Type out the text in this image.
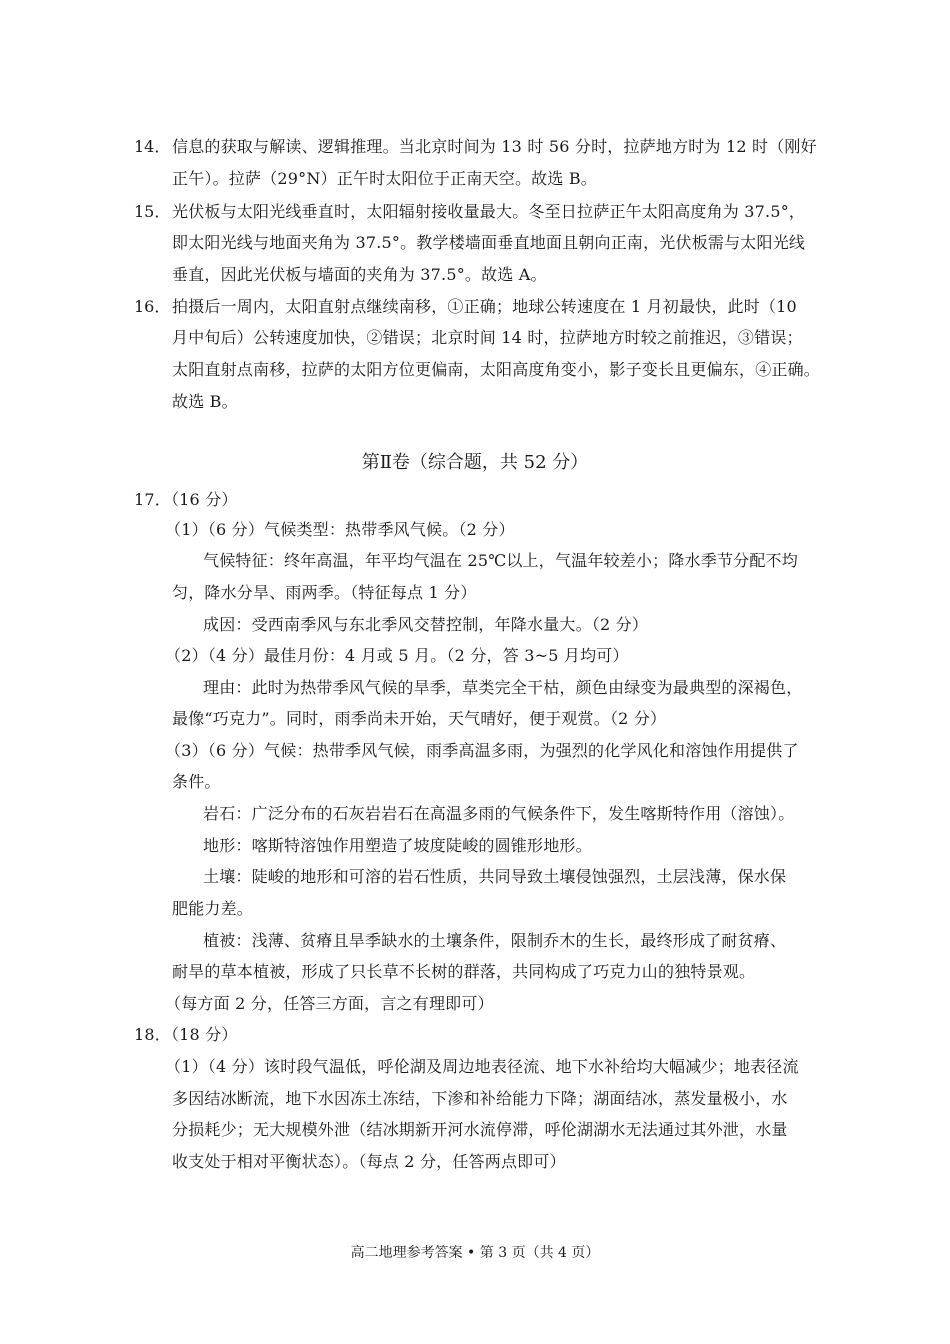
14． 信息的获取与解读、逻辑推理。当北京时间为 13 时 56 分时，拉萨地方时为 12 时（刚好
正午）。拉萨（29°N）正午时太阳位于正南天空。故选 B。
15． 光伏板与太阳光线垂直时，太阳辐射接收量最大。冬至日拉萨正午太阳高度角为 37.5°，
即太阳光线与地面夹角为 37.5°。教学楼墙面垂直地面且朝向正南，光伏板需与太阳光线
垂直，因此光伏板与墙面的夹角为 37.5°。故选 A。
16． 拍摄后一周内，太阳直射点继续南移，①正确；地球公转速度在 1 月初最快，此时（10
月中旬后）公转速度加快，②错误；北京时间 14 时，拉萨地方时较之前推迟，③错误；
太阳直射点南移，拉萨的太阳方位更偏南，太阳高度角变小，影子变长且更偏东，④正确。
故选 B。
第Ⅱ卷（综合题，共 52 分）
17．（16 分）
（1）（6 分）气候类型：热带季风气候。（2 分）
气候特征：终年高温，年平均气温在 25℃以上，气温年较差小；降水季节分配不均
匀，降水分旱、雨两季。（特征每点 1 分）
成因：受西南季风与东北季风交替控制，年降水量大。（2 分）
（2）（4 分）最佳月份：4 月或 5 月。（2 分，答 3~5 月均可）
理由：此时为热带季风气候的旱季，草类完全干枯，颜色由绿变为最典型的深褐色，
最像“巧克力”。同时，雨季尚未开始，天气晴好，便于观赏。（2 分）
（3）（6 分）气候：热带季风气候，雨季高温多雨，为强烈的化学风化和溶蚀作用提供了
条件。
岩石：广泛分布的石灰岩岩石在高温多雨的气候条件下，发生喀斯特作用（溶蚀）。
地形：喀斯特溶蚀作用塑造了坡度陡峻的圆锥形地形。
土壤：陡峻的地形和可溶的岩石性质，共同导致土壤侵蚀强烈，土层浅薄，保水保
肥能力差。
植被：浅薄、贫瘠且旱季缺水的土壤条件，限制乔木的生长，最终形成了耐贫瘠、
耐旱的草本植被，形成了只长草不长树的群落，共同构成了巧克力山的独特景观。
（每方面 2 分，任答三方面，言之有理即可）
18．（18 分）
（1）（4 分）该时段气温低，呼伦湖及周边地表径流、地下水补给均大幅减少；地表径流
多因结冰断流，地下水因冻土冻结，下渗和补给能力下降；湖面结冰，蒸发量极小，水
分损耗少；无大规模外泄（结冰期新开河水流停滞，呼伦湖湖水无法通过其外泄，水量
收支处于相对平衡状态）。（每点 2 分，任答两点即可）
高二地理参考答案 • 第 3 页（共 4 页）
